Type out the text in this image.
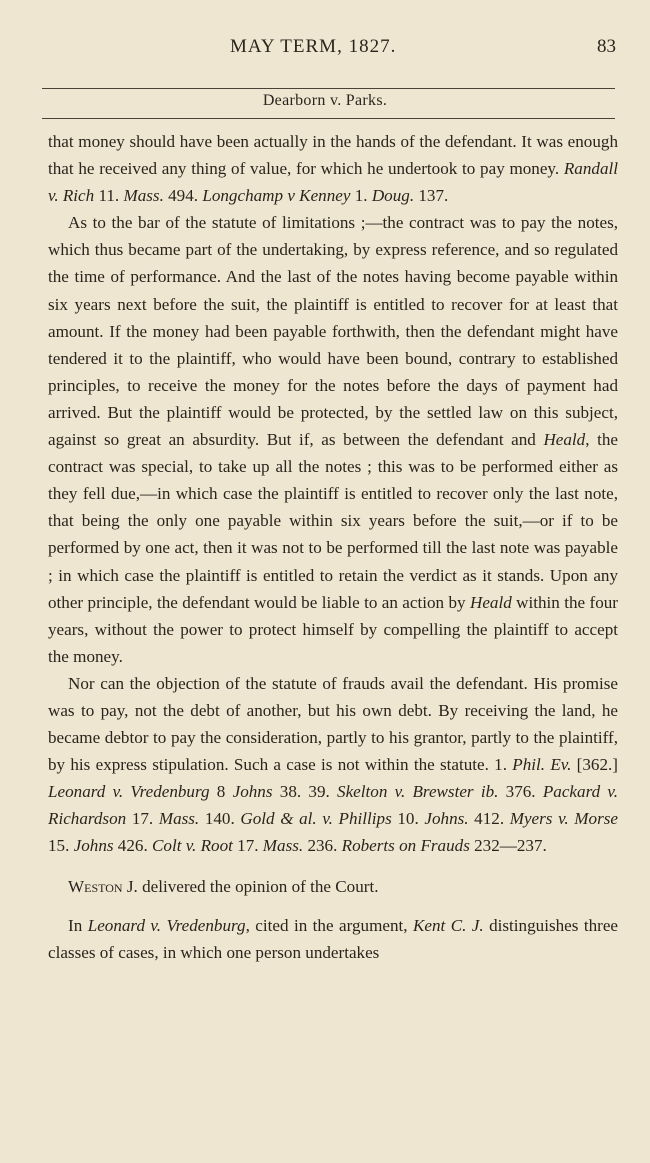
MAY TERM, 1827.	83
Dearborn v. Parks.

that money should have been actually in the hands of the defendant. It was enough that he received any thing of value, for which he undertook to pay money. Randall v. Rich 11. Mass. 494. Longchamp v Kenney 1. Doug. 137.

As to the bar of the statute of limitations ;—the contract was to pay the notes, which thus became part of the undertaking, by express reference, and so regulated the time of performance. And the last of the notes having become payable within six years next before the suit, the plaintiff is entitled to recover for at least that amount. If the money had been payable forthwith, then the defendant might have tendered it to the plaintiff, who would have been bound, contrary to established principles, to receive the money for the notes before the days of payment had arrived. But the plaintiff would be protected, by the settled law on this subject, against so great an absurdity. But if, as between the defendant and Heald, the contract was special, to take up all the notes ; this was to be performed either as they fell due,—in which case the plaintiff is entitled to recover only the last note, that being the only one payable within six years before the suit,—or if to be performed by one act, then it was not to be performed till the last note was payable ; in which case the plaintiff is entitled to retain the verdict as it stands. Upon any other principle, the defendant would be liable to an action by Heald within the four years, without the power to protect himself by compelling the plaintiff to accept the money.

Nor can the objection of the statute of frauds avail the defendant. His promise was to pay, not the debt of another, but his own debt. By receiving the land, he became debtor to pay the consideration, partly to his grantor, partly to the plaintiff, by his express stipulation. Such a case is not within the statute. 1. Phil. Ev. [362.] Leonard v. Vredenburg 8 Johns 38. 39. Skelton v. Brewster ib. 376. Packard v. Richardson 17. Mass. 140. Gold & al. v. Phillips 10. Johns. 412. Myers v. Morse 15. Johns 426. Colt v. Root 17. Mass. 236. Roberts on Frauds 232—237.

Weston J. delivered the opinion of the Court.

In Leonard v. Vredenburg, cited in the argument, Kent C. J. distinguishes three classes of cases, in which one person undertakes
